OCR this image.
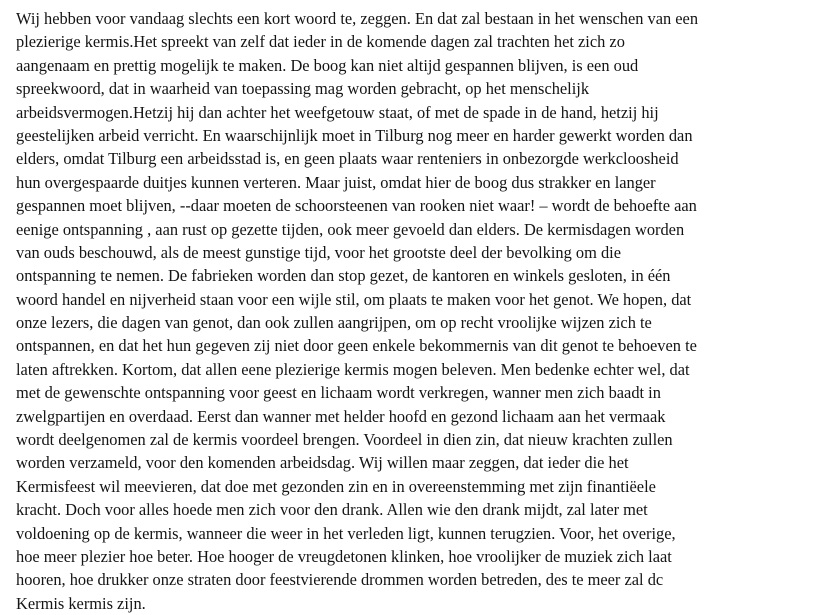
Wij hebben voor vandaag slechts een kort woord te, zeggen. En dat zal bestaan in het wenschen van een
plezierige kermis.Het spreekt van zelf dat ieder in de komende dagen zal trachten het zich zo
aangenaam en prettig mogelijk te maken. De boog kan niet altijd gespannen blijven, is een oud
spreekwoord, dat in waarheid van toepassing mag worden gebracht, op het menschelijk
arbeidsvermogen.Hetzij hij dan achter het weefgetouw staat, of met de spade in de hand, hetzij hij
geestelijken arbeid verricht. En waarschijnlijk moet in Tilburg nog meer en harder gewerkt worden dan
elders, omdat Tilburg een arbeidsstad is, en geen plaats waar renteniers in onbezorgde werkcloosheid
hun overgespaarde duitjes kunnen verteren. Maar juist, omdat hier de boog dus strakker en langer
gespannen moet blijven, --daar moeten de schoorsteenen van rooken niet waar! – wordt de behoefte aan
eenige ontspanning , aan rust op gezette tijden, ook meer gevoeld dan elders. De kermisdagen worden
van ouds beschouwd, als de meest gunstige tijd, voor het grootste deel der bevolking om die
ontspanning te nemen. De fabrieken worden dan stop gezet, de kantoren en winkels gesloten, in één
woord handel en nijverheid staan voor een wijle stil, om plaats te maken voor het genot. We hopen, dat
onze lezers, die dagen van genot, dan ook zullen aangrijpen, om op recht vroolijke wijzen zich te
ontspannen, en dat het hun gegeven zij niet door geen enkele bekommernis van dit genot te behoeven te
laten aftrekken. Kortom, dat allen eene plezierige kermis mogen beleven. Men bedenke echter wel, dat
met de gewenschte ontspanning voor geest en lichaam wordt verkregen, wanner men zich baadt in
zwelgpartijen en overdaad. Eerst dan wanner met helder hoofd en gezond lichaam aan het vermaak
wordt deelgenomen zal de kermis voordeel brengen. Voordeel in dien zin, dat nieuw krachten zullen
worden verzameld, voor den komenden arbeidsdag. Wij willen maar zeggen, dat ieder die het
Kermisfeest wil meevieren, dat doe met gezonden zin en in overeenstemming met zijn finantiëele
kracht. Doch voor alles hoede men zich voor den drank. Allen wie den drank mijdt, zal later met
voldoening op de kermis, wanneer die weer in het verleden ligt, kunnen terugzien. Voor, het overige,
hoe meer plezier hoe beter. Hoe hooger de vreugdetonen klinken, hoe vroolijker de muziek zich laat
hooren, hoe drukker onze straten door feestvierende drommen worden betreden, des te meer zal dc
Kermis kermis zijn.
